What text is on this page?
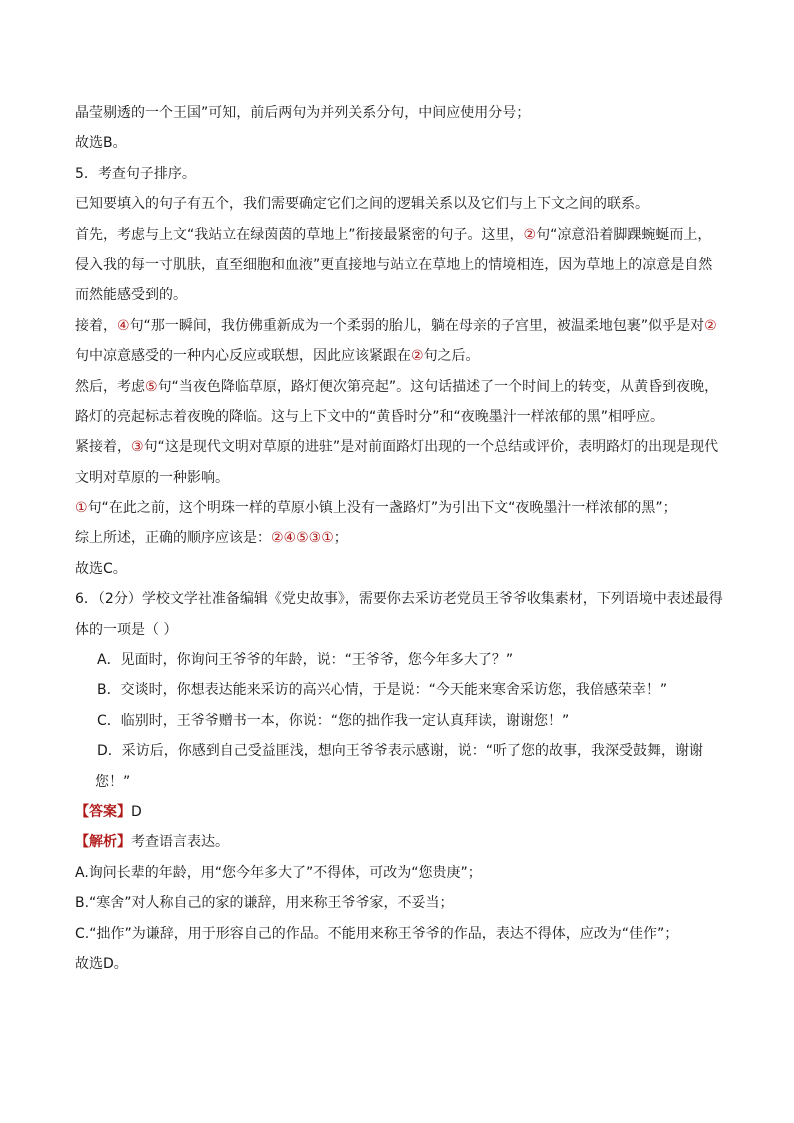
晶莹剔透的一个王国”可知，前后两句为并列关系分句，中间应使用分号；
故选B。
5．考查句子排序。
已知要填入的句子有五个，我们需要确定它们之间的逻辑关系以及它们与上下文之间的联系。
首先，考虑与上文“我站立在绿茵茵的草地上”衔接最紧密的句子。这里，②句“凉意沿着脚踝蜿蜒而上，
侵入我的每一寸肌肤，直至细胞和血液”更直接地与站立在草地上的情境相连，因为草地上的凉意是自然
而然能感受到的。
接着，④句“那一瞬间，我仿佛重新成为一个柔弱的胎儿，躺在母亲的子宫里，被温柔地包裹”似乎是对②
句中凉意感受的一种内心反应或联想，因此应该紧跟在②句之后。
然后，考虑⑤句“当夜色降临草原，路灯便次第亮起”。这句话描述了一个时间上的转变，从黄昏到夜晚，
路灯的亮起标志着夜晚的降临。这与上下文中的“黄昏时分”和“夜晚墨汁一样浓郁的黑”相呼应。
紧接着，③句“这是现代文明对草原的进驻”是对前面路灯出现的一个总结或评价，表明路灯的出现是现代
文明对草原的一种影响。
①句“在此之前，这个明珠一样的草原小镇上没有一盏路灯”为引出下文“夜晚墨汁一样浓郁的黑”；
综上所述，正确的顺序应该是：②④⑤③①；
故选C。
6．（2分）学校文学社准备编辑《党史故事》，需要你去采访老党员王爷爷收集素材，下列语境中表述最得
体的一项是（ ）
A．见面时，你询问王爷爷的年龄，说：“王爷爷，您今年多大了？”
B．交谈时，你想表达能来采访的高兴心情，于是说：“今天能来寒舍采访您，我倍感荣幸！”
C．临别时，王爷爷赠书一本，你说：“您的拙作我一定认真拜读，谢谢您！”
D．采访后，你感到自己受益匪浅，想向王爷爷表示感谢，说：“听了您的故事，我深受鼓舞，谢谢
您！”
【答案】D
【解析】考查语言表达。
A.询问长辈的年龄，用“您今年多大了”不得体，可改为“您贵庚”；
B.“寒舍”对人称自己的家的谦辞，用来称王爷爷家，不妥当；
C.“拙作”为谦辞，用于形容自己的作品。不能用来称王爷爷的作品，表达不得体，应改为“佳作”；
故选D。
